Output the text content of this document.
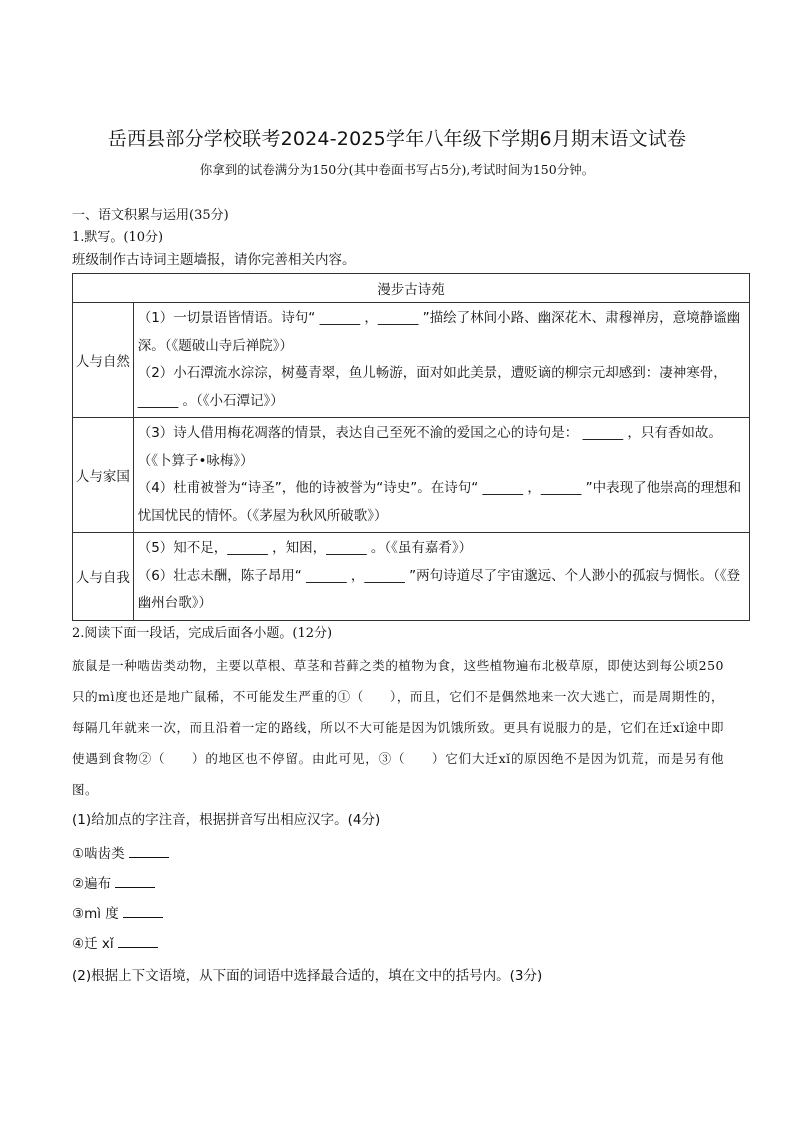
岳西县部分学校联考2024-2025学年八年级下学期6月期末语文试卷
你拿到的试卷满分为150分(其中卷面书写占5分),考试时间为150分钟。
一、语文积累与运用(35分)
1.默写。(10分)
班级制作古诗词主题墙报，请你完善相关内容。
漫步古诗苑	
人与自然	（1）一切景语皆情语。诗句“ ______ ，______ ”描绘了林间小路、幽深花木、肃穆禅房，意境静谧幽深。（《题破山寺后禅院》）
（2）小石潭流水淙淙，树蔓青翠，鱼儿畅游，面对如此美景，遭贬谪的柳宗元却感到：凄神寒骨，______ 。（《小石潭记》）

人与家国	（3）诗人借用梅花凋落的情景，表达自己至死不渝的爱国之心的诗句是： ______ ，只有香如故。（《卜算子•咏梅》）
（4）杜甫被誉为“诗圣”，他的诗被誉为“诗史”。在诗句“ ______ ，______ ”中表现了他崇高的理想和忧国忧民的情怀。（《茅屋为秋风所破歌》）

人与自我	（5）知不足，______ ，知困，______ 。（《虽有嘉肴》）
（6）壮志未酬，陈子昂用“ ______ ，______ ”两句诗道尽了宇宙邈远、个人渺小的孤寂与惆怅。（《登幽州台歌》）
2.阅读下面一段话，完成后面各小题。(12分)
旅鼠是一种啮齿类动物，主要以草根、草茎和苔藓之类的植物为食，这些植物遍布北极草原，即使达到每公顷250只的mì度也还是地广鼠稀，不可能发生严重的①（　　），而且，它们不是偶然地来一次大逃亡，而是周期性的，每隔几年就来一次，而且沿着一定的路线，所以不大可能是因为饥饿所致。更具有说服力的是，它们在迁xǐ途中即使遇到食物②（　　）的地区也不停留。由此可见，③（　　）它们大迁xǐ的原因绝不是因为饥荒，而是另有他图。
(1)给加点的字注音，根据拼音写出相应汉字。(4分)
①啮齿类
②遍布
③mì 度
④迁 xǐ
(2)根据上下文语境，从下面的词语中选择最合适的，填在文中的括号内。(3分)
